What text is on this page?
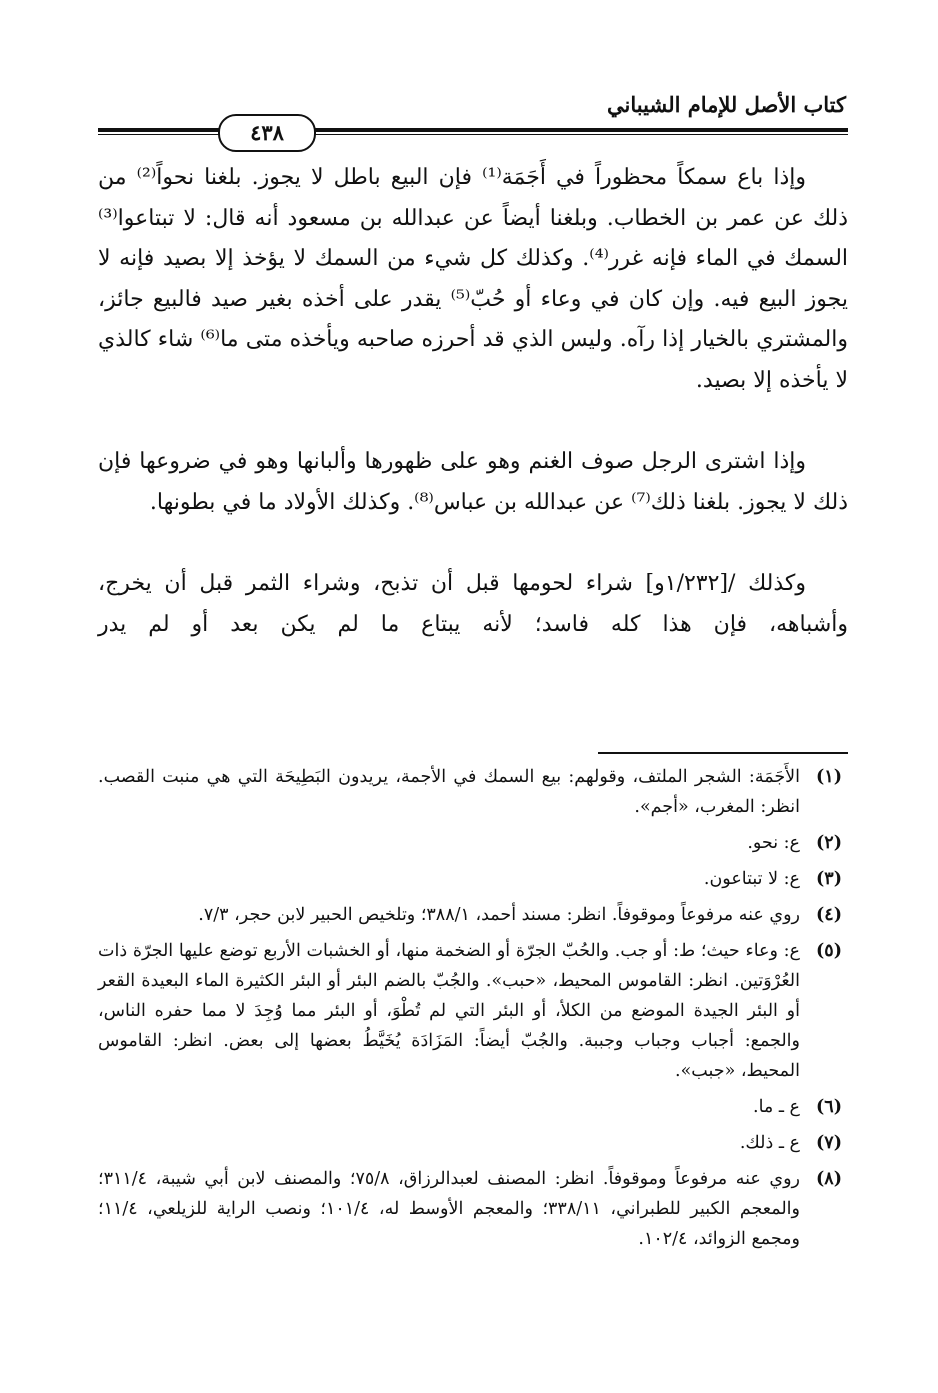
كتاب الأصل للإمام الشيباني
٤٣٨

وإذا باع سمكاً محظوراً في أَجَمَة⁽¹⁾ فإن البيع باطل لا يجوز. بلغنا نحواً⁽²⁾ من ذلك عن عمر بن الخطاب. وبلغنا أيضاً عن عبدالله بن مسعود أنه قال: لا تبتاعوا⁽³⁾ السمك في الماء فإنه غرر⁽⁴⁾. وكذلك كل شيء من السمك لا يؤخذ إلا بصيد فإنه لا يجوز البيع فيه. وإن كان في وعاء أو حُبّ⁽⁵⁾ يقدر على أخذه بغير صيد فالبيع جائز، والمشتري بالخيار إذا رآه. وليس الذي قد أحرزه صاحبه ويأخذه متى ما⁽⁶⁾ شاء كالذي لا يأخذه إلا بصيد.

وإذا اشترى الرجل صوف الغنم وهو على ظهورها وألبانها وهو في ضروعها فإن ذلك لا يجوز. بلغنا ذلك⁽⁷⁾ عن عبدالله بن عباس⁽⁸⁾. وكذلك الأولاد ما في بطونها.

وكذلك /[١/٢٣٢و] شراء لحومها قبل أن تذبح، وشراء الثمر قبل أن يخرج، وأشباهه، فإن هذا كله فاسد؛ لأنه يبتاع ما لم يكن بعد أو لم يدر

(١)
الأَجَمَة: الشجر الملتف، وقولهم: بيع السمك في الأجمة، يريدون البَطِيحَة التي هي منبت القصب. انظر: المغرب، «أجم».
(٢)
ع: نحو.
(٣)
ع: لا تبتاعون.
(٤)
روي عنه مرفوعاً وموقوفاً. انظر: مسند أحمد، ٣٨٨/١؛ وتلخيص الحبير لابن حجر، ٧/٣.
(٥)
ع: وعاء حيث؛ ط: أو جب. والحُبّ الجرّة أو الضخمة منها، أو الخشبات الأربع توضع عليها الجرّة ذات العُرْوَتين. انظر: القاموس المحيط، «حبب». والجُبّ بالضم البئر أو البئر الكثيرة الماء البعيدة القعر أو البئر الجيدة الموضع من الكلأ، أو البئر التي لم تُطْوَ، أو البئر مما وُجِدَ لا مما حفره الناس، والجمع: أجباب وجباب وجببة. والجُبّ أيضاً: المَزَادَة يُخَيَّطُ بعضها إلى بعض. انظر: القاموس المحيط، «جبب».
(٦)
ع ـ ما.
(٧)
ع ـ ذلك.
(٨)
روي عنه مرفوعاً وموقوفاً. انظر: المصنف لعبدالرزاق، ٧٥/٨؛ والمصنف لابن أبي شيبة، ٣١١/٤؛ والمعجم الكبير للطبراني، ٣٣٨/١١؛ والمعجم الأوسط له، ١٠١/٤؛ ونصب الراية للزيلعي، ١١/٤؛ ومجمع الزوائد، ١٠٢/٤.
